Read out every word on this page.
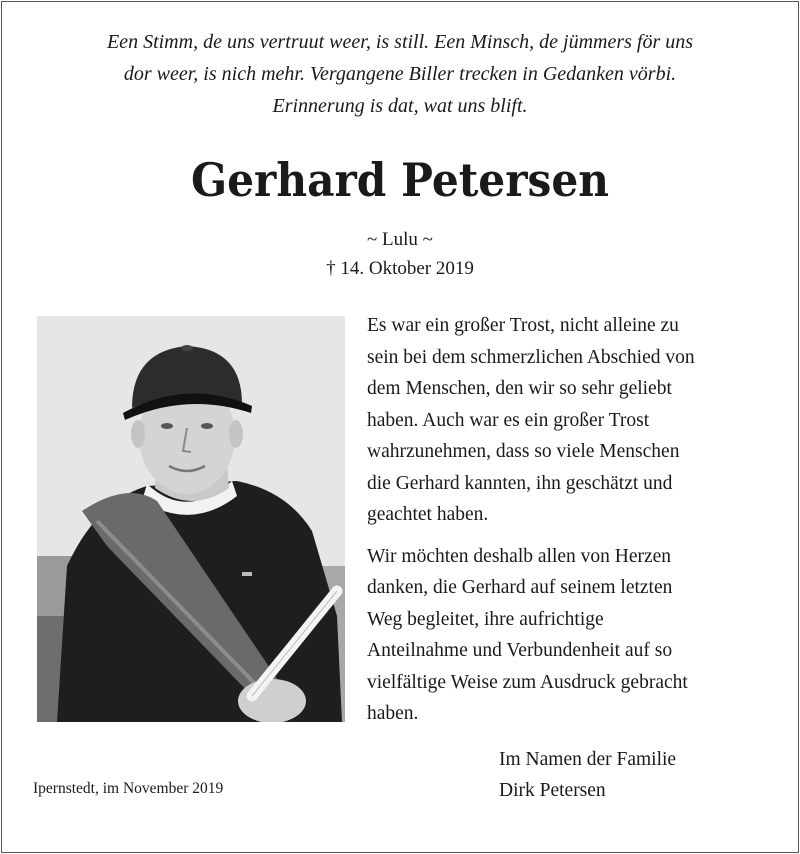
Een Stimm, de uns vertruut weer, is still. Een Minsch, de jümmers för uns
dor weer, is nich mehr. Vergangene Biller trecken in Gedanken vörbi.
Erinnerung is dat, wat uns blift.
Gerhard Petersen
~ Lulu ~
† 14. Oktober 2019

Es war ein großer Trost, nicht alleine zu
sein bei dem schmerzlichen Abschied von
dem Menschen, den wir so sehr geliebt
haben. Auch war es ein großer Trost
wahrzunehmen, dass so viele Menschen
die Gerhard kannten, ihn geschätzt und
geachtet haben.

Wir möchten deshalb allen von Herzen
danken, die Gerhard auf seinem letzten
Weg begleitet, ihre aufrichtige
Anteilnahme und Verbundenheit auf so
vielfältige Weise zum Ausdruck gebracht
haben.

Ipernstedt, im November 2019
Im Namen der Familie
Dirk Petersen
